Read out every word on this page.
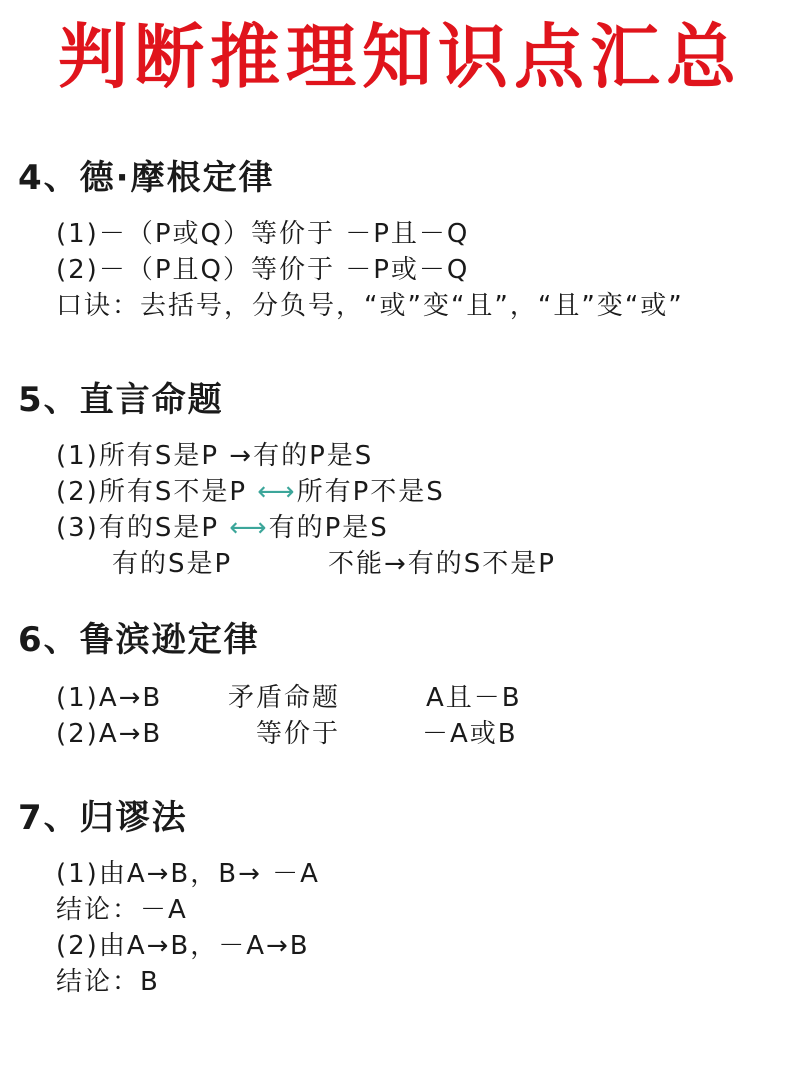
判断推理知识点汇总
4、德·摩根定律
(1)－（P或Q）等价于 －P且－Q
(2)－（P且Q）等价于 －P或－Q
口诀：去括号，分负号，“或”变“且”，“且”变“或”
5、直言命题
(1)所有S是P →有的P是S
(2)所有S不是P ⟷所有P不是S
(3)有的S是P ⟷有的P是S
有的S是P	不能→有的S不是P
6、鲁滨逊定律
(1)A→B	矛盾命题	A且－B
(2)A→B	等价于	－A或B
7、归谬法
(1)由A→B，B→ －A
结论：－A
(2)由A→B，－A→B
结论：B
